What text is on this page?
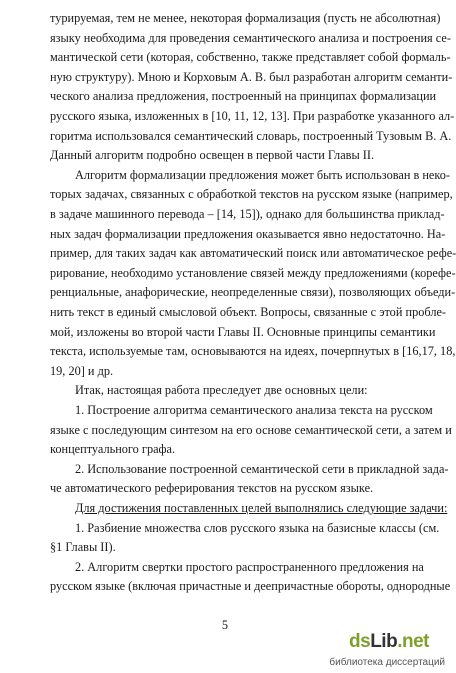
турируемая, тем не менее, некоторая формализация (пусть не абсолютная)
языку необходима для проведения семантического анализа и построения се-
мантической сети (которая, собственно, также представляет собой формаль-
ную структуру). Мною и Корховым А. В. был разработан алгоритм семанти-
ческого анализа предложения, построенный на принципах формализации
русского языка, изложенных в [10, 11, 12, 13]. При разработке указанного ал-
горитма использовался семантический словарь, построенный Тузовым В. А.
Данный алгоритм подробно освещен в первой части Главы II.
Алгоритм формализации предложения может быть использован в неко-
торых задачах, связанных с обработкой текстов на русском языке (например,
в задаче машинного перевода – [14, 15]), однако для большинства приклад-
ных задач формализации предложения оказывается явно недостаточно. На-
пример, для таких задач как автоматический поиск или автоматическое рефе-
рирование, необходимо установление связей между предложениями (корефе-
ренциальные, анафорические, неопределенные связи), позволяющих объеди-
нить текст в единый смысловой объект. Вопросы, связанные с этой пробле-
мой, изложены во второй части Главы II. Основные принципы семантики
текста, используемые там, основываются на идеях, почерпнутых в [16,17, 18,
19, 20] и др.
Итак, настоящая работа преследует две основных цели:
1. Построение алгоритма семантического анализа текста на русском
языке с последующим синтезом на его основе семантической сети, а затем и
концептуального графа.
2. Использование построенной семантической сети в прикладной зада-
че автоматического реферирования текстов на русском языке.
Для достижения поставленных целей выполнялись следующие задачи:
1. Разбиение множества слов русского языка на базисные классы (см.
§1 Главы II).
2. Алгоритм свертки простого распространенного предложения на
русском языке (включая причастные и деепричастные обороты, однородные
5
dsLib.net
библиотека диссертаций
